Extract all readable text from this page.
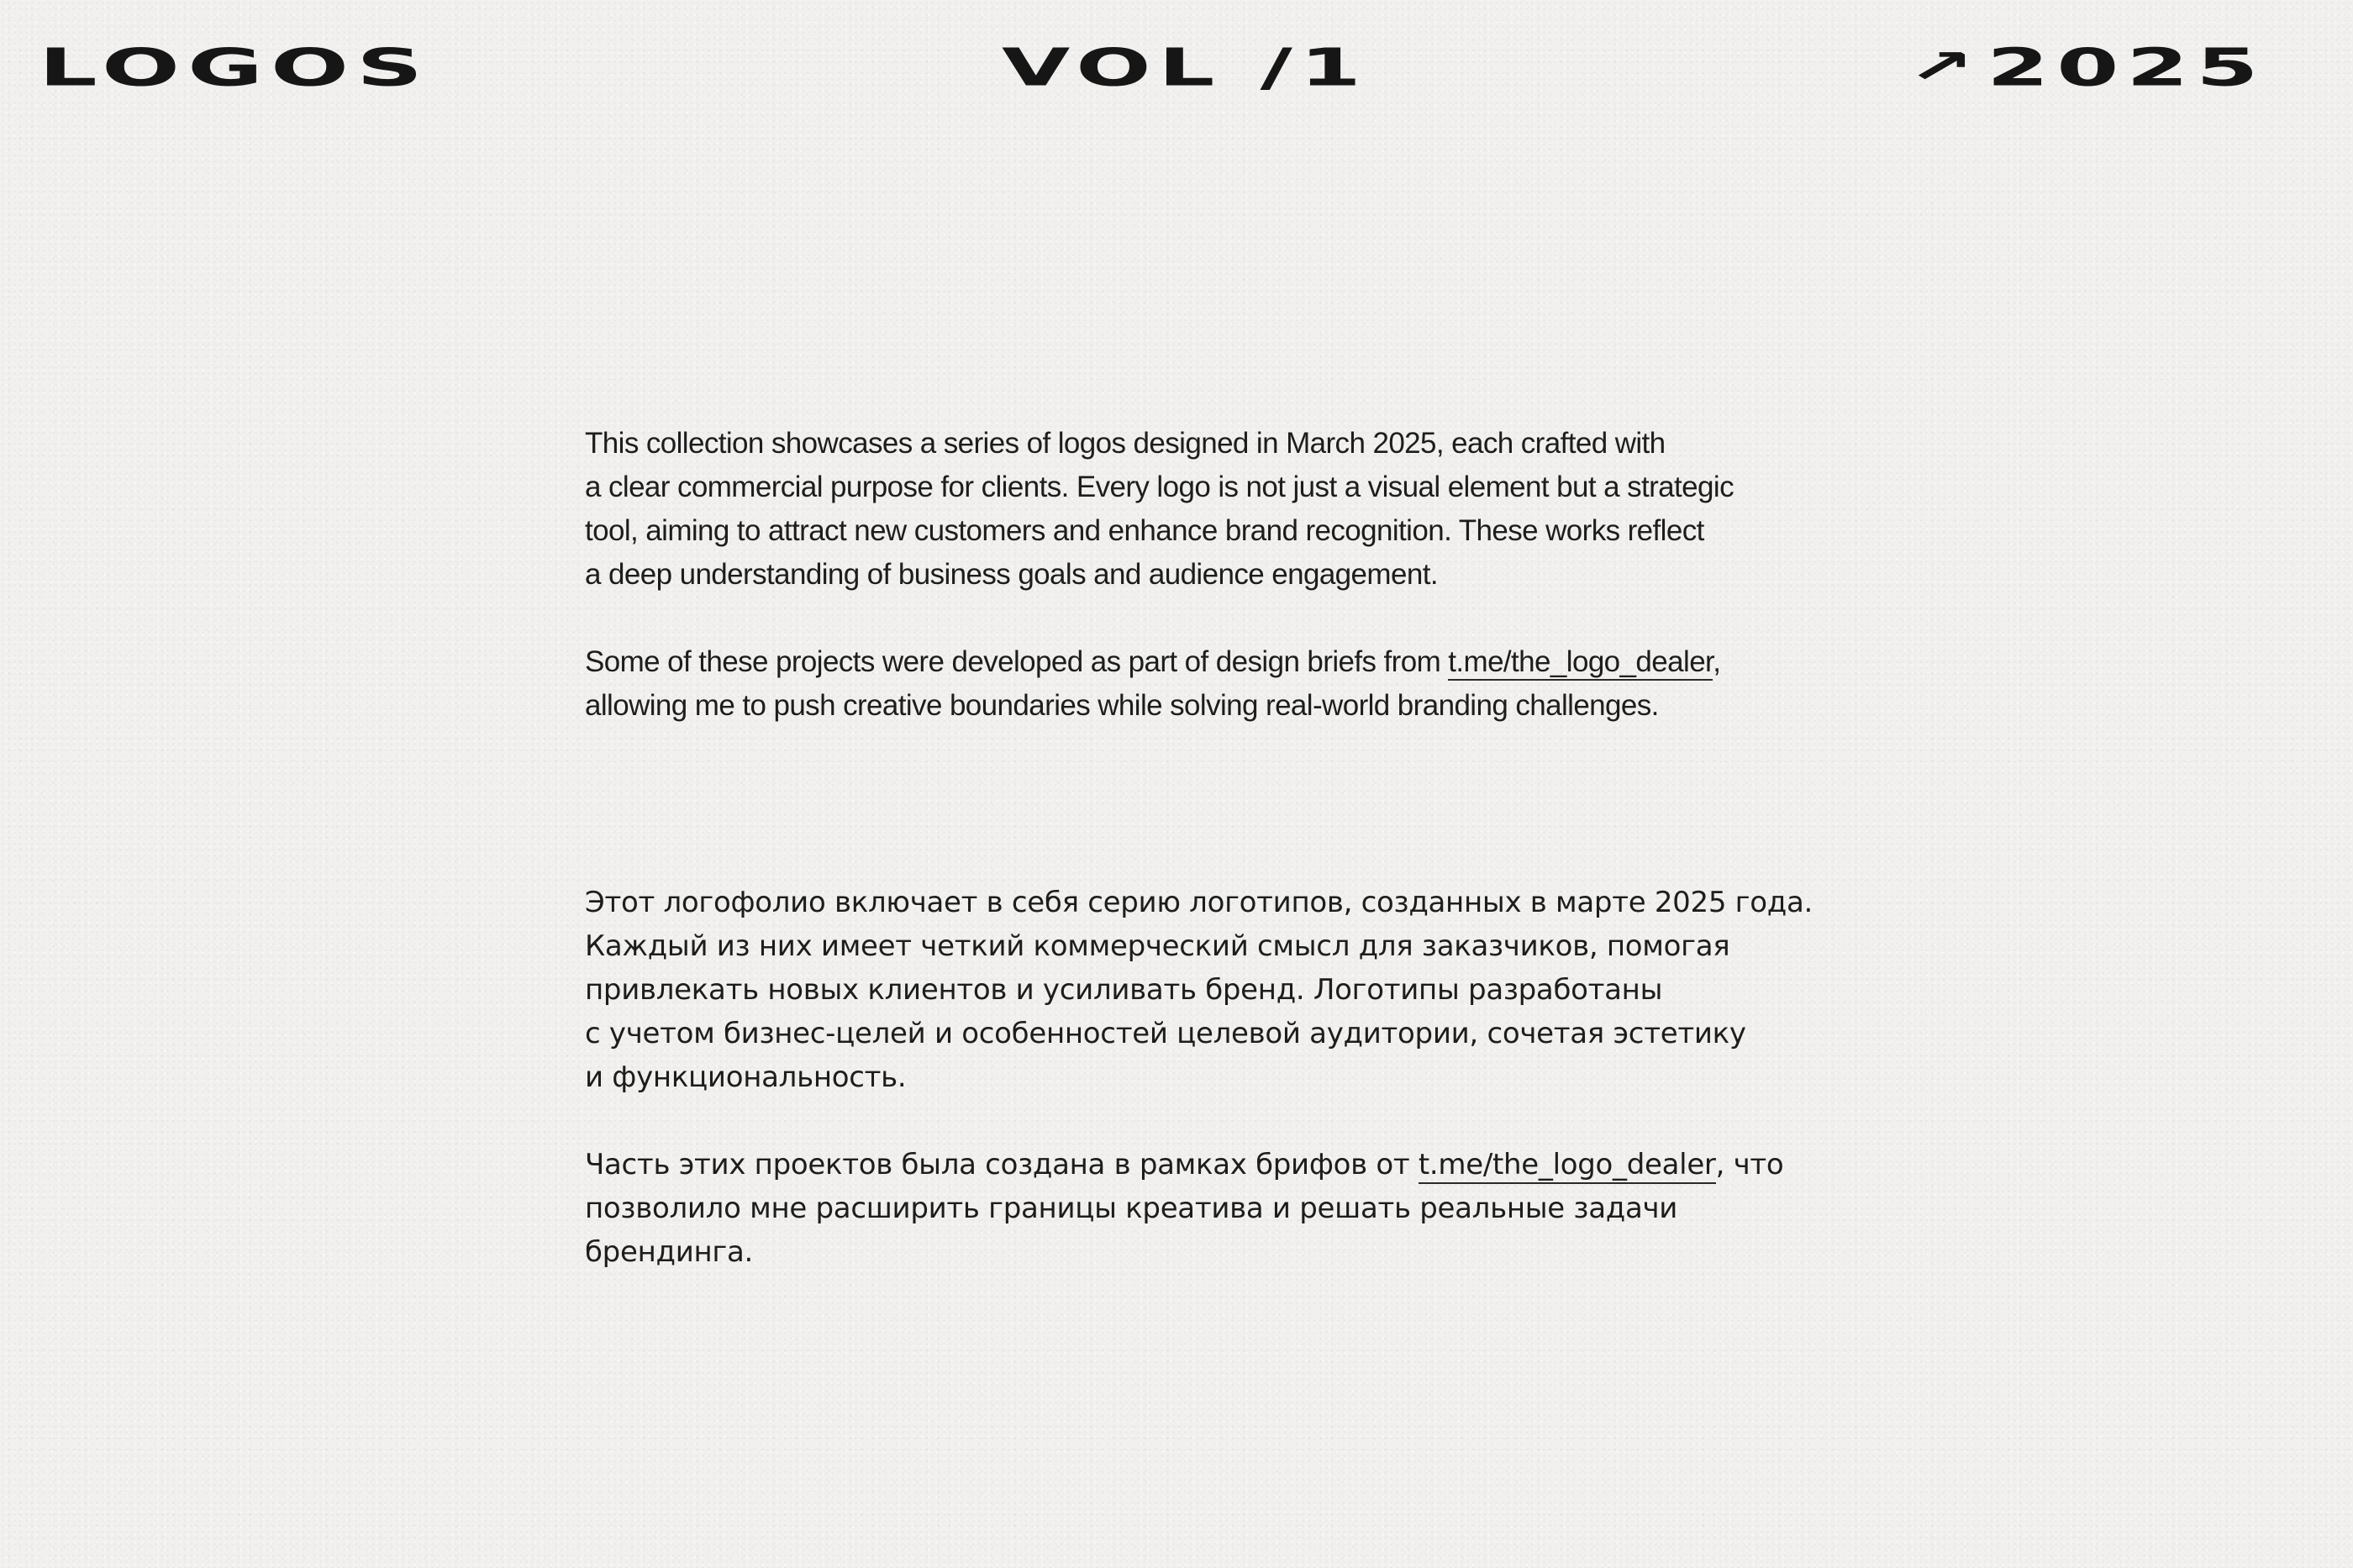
LOGOS	VOL /1	↗2025

This collection showcases a series of logos designed in March 2025, each crafted with

a clear commercial purpose for clients. Every logo is not just a visual element but a strategic

tool, aiming to attract new customers and enhance brand recognition. These works reflect

a deep understanding of business goals and audience engagement.

Some of these projects were developed as part of design briefs from t.me/the_logo_dealer,

allowing me to push creative boundaries while solving real-world branding challenges.

Этот логофолио включает в себя серию логотипов, созданных в марте 2025 года.

Каждый из них имеет четкий коммерческий смысл для заказчиков, помогая

привлекать новых клиентов и усиливать бренд. Логотипы разработаны

с учетом бизнес-целей и особенностей целевой аудитории, сочетая эстетику

и функциональность.

Часть этих проектов была создана в рамках брифов от t.me/the_logo_dealer, что

позволило мне расширить границы креатива и решать реальные задачи

брендинга.
